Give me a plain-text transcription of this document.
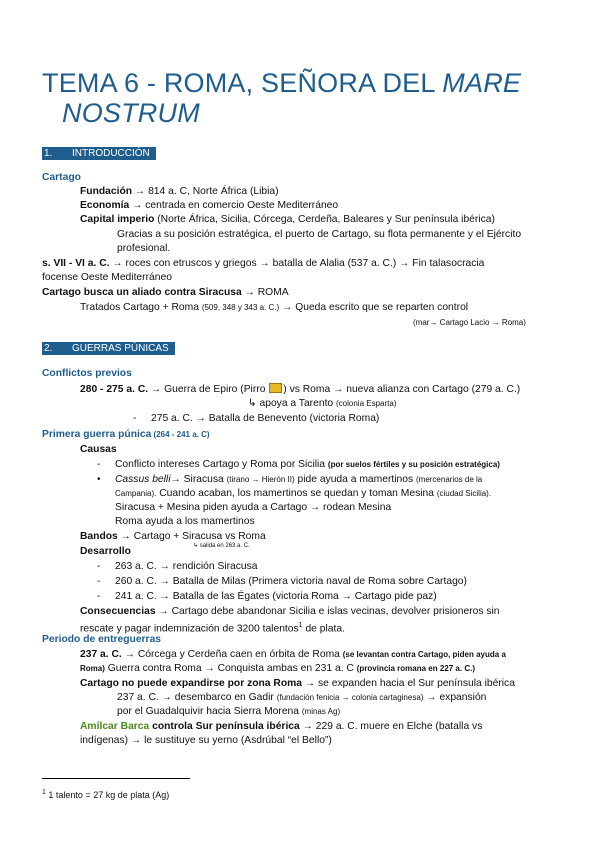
TEMA 6 - ROMA, SEÑORA DEL MARE
NOSTRUM
1. INTRODUCCIÓN
Cartago
Fundación → 814 a. C, Norte África (Libia)
Economía → centrada en comercio Oeste Mediterráneo
Capital imperio (Norte África, Sicilia, Córcega, Cerdeña, Baleares y Sur península ibérica)
Gracias a su posición estratégica, el puerto de Cartago, su flota permanente y el Ejército
profesional.
s. VII - VI a. C. → roces con etruscos y griegos → batalla de Alalia (537 a. C.) → Fin talasocracia
focense Oeste Mediterráneo
Cartago busca un aliado contra Siracusa → ROMA
Tratados Cartago + Roma (509, 348 y 343 a. C.) → Queda escrito que se reparten control
(mar→ Cartago Lacio → Roma)
2. GUERRAS PÚNICAS
Conflictos previos
280 - 275 a. C. → Guerra de Epiro (Pirro ) vs Roma → nueva alianza con Cartago (279 a. C.)
↳ apoya a Tarento (colonia Esparta)
- 275 a. C. → Batalla de Benevento (victoria Roma)
Primera guerra púnica (264 - 241 a. C)
Causas
- Conflicto intereses Cartago y Roma por Sicilia (por suelos fértiles y su posición estratégica)
• Cassus belli→ Siracusa (tirano → Hierón II) pide ayuda a mamertinos (mercenarios de la
Campania). Cuando acaban, los mamertinos se quedan y toman Mesina (ciudad Sicilia).
Siracusa + Mesina piden ayuda a Cartago → rodean Mesina
Roma ayuda a los mamertinos
Bandos → Cartago + Siracusa vs Roma
Desarrollo	↳ salida en 263 a. C.
- 263 a. C. → rendición Siracusa
- 260 a. C. → Batalla de Milas (Primera victoria naval de Roma sobre Cartago)
- 241 a. C. → Batalla de las Égates (victoria Roma → Cartago pide paz)
Consecuencias → Cartago debe abandonar Sicilia e islas vecinas, devolver prisioneros sin
rescate y pagar indemnización de 3200 talentos$^1$ de plata.
Periodo de entreguerras
237 a. C. → Córcega y Cerdeña caen en órbita de Roma (se levantan contra Cartago, piden ayuda a
Roma) Guerra contra Roma → Conquista ambas en 231 a. C (provincia romana en 227 a. C.)
Cartago no puede expandirse por zona Roma → se expanden hacia el Sur península ibérica
237 a. C. → desembarco en Gadir (fundación fenicia → colonia cartaginesa) → expansión
por el Guadalquivir hacia Sierra Morena (minas Ag)
Amílcar Barca controla Sur península ibérica → 229 a. C. muere en Elche (batalla vs
indígenas) → le sustituye su yerno (Asdrúbal “el Bello”)
$^1$ 1 talento = 27 kg de plata (Ag)
